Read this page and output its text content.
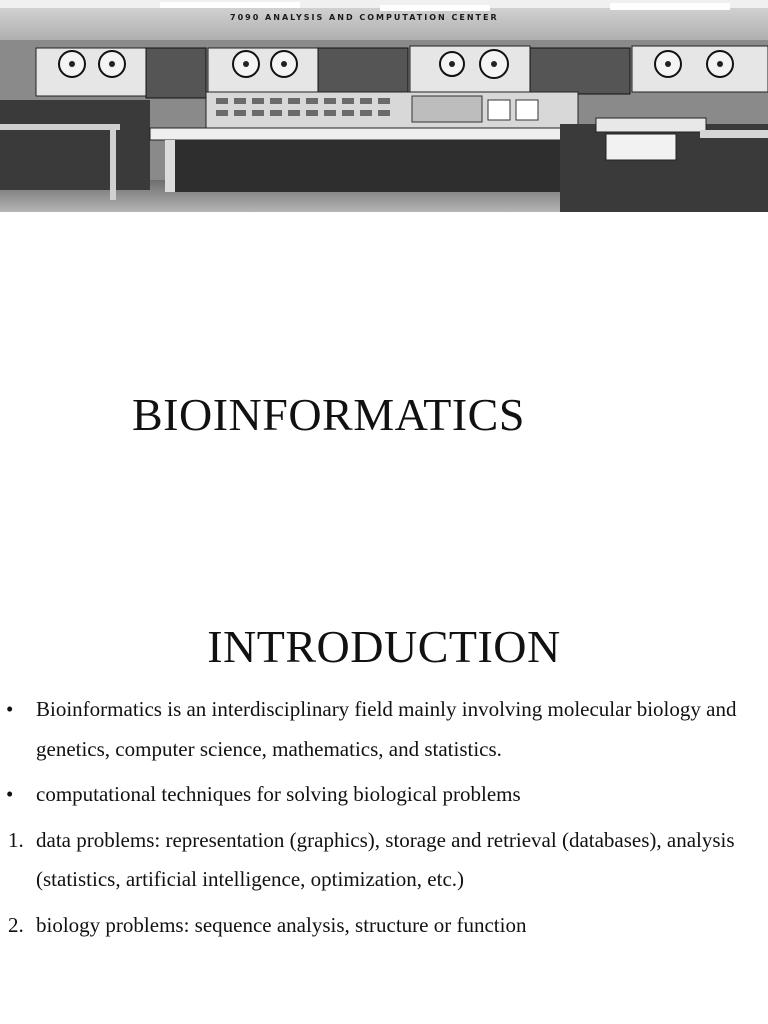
7090 ANALYSIS AND COMPUTATION CENTER
BIOINFORMATICS
INTRODUCTION
• Bioinformatics is an interdisciplinary field mainly involving molecular biology and genetics, computer science, mathematics, and statistics.
• computational techniques for solving biological problems
1. data problems: representation (graphics), storage and retrieval (databases), analysis (statistics, artificial intelligence, optimization, etc.)
2. biology problems: sequence analysis, structure or function
